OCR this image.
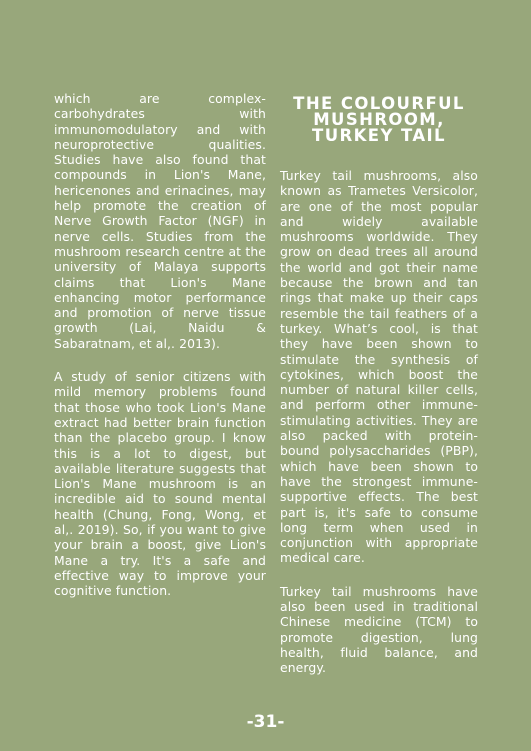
which are complex-carbohydrates with immunomodulatory and with neuroprotective qualities. Studies have also found that compounds in Lion's Mane, hericenones and erinacines, may help promote the creation of Nerve Growth Factor (NGF) in nerve cells. Studies from the mushroom research centre at the university of Malaya supports claims that Lion's Mane enhancing motor performance and promotion of nerve tissue growth (Lai, Naidu & Sabaratnam, et al,. 2013).

A study of senior citizens with mild memory problems found that those who took Lion's Mane extract had better brain function than the placebo group. I know this is a lot to digest, but available literature suggests that Lion's Mane mushroom is an incredible aid to sound mental health (Chung, Fong, Wong, et al,. 2019). So, if you want to give your brain a boost, give Lion's Mane a try. It's a safe and effective way to improve your cognitive function.

THE COLOURFUL MUSHROOM, TURKEY TAIL

Turkey tail mushrooms, also known as Trametes Versicolor, are one of the most popular and widely available mushrooms worldwide. They grow on dead trees all around the world and got their name because the brown and tan rings that make up their caps resemble the tail feathers of a turkey. What’s cool, is that they have been shown to stimulate the synthesis of cytokines, which boost the number of natural killer cells, and perform other immune-stimulating activities. They are also packed with protein-bound polysaccharides (PBP), which have been shown to have the strongest immune-supportive effects. The best part is, it's safe to consume long term when used in conjunction with appropriate medical care.

Turkey tail mushrooms have also been used in traditional Chinese medicine (TCM) to promote digestion, lung health, fluid balance, and energy.

-31-
